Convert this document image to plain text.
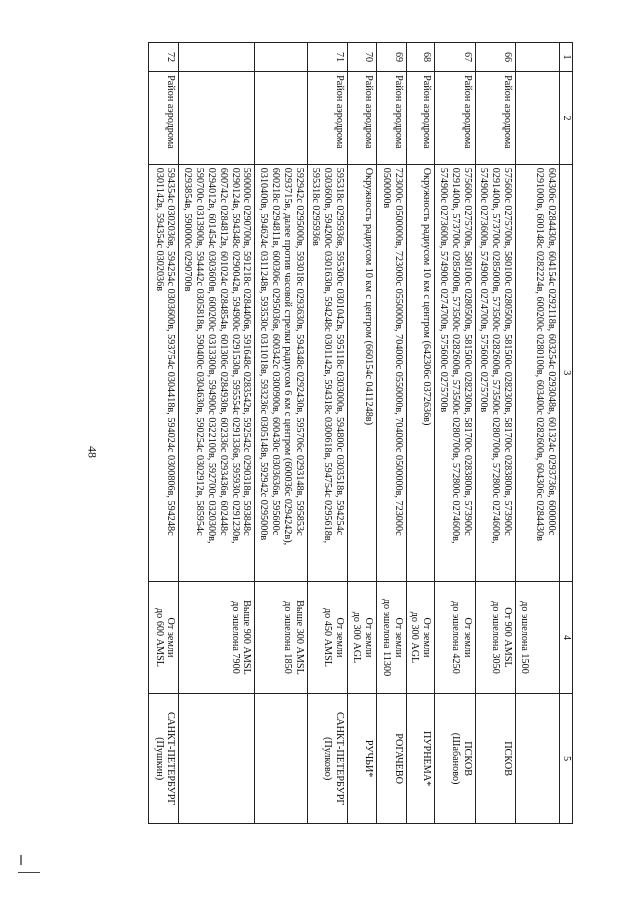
48
1	2	3	4	5
		604306с 0284430в, 604154с 0292118в, 603254с 0293048в, 601324с 0293736в, 600000с 0291000в, 600148с 0282224в, 600200с 0280100в, 603400с 0282600в, 604306с 0284430в	до эшелона 1500	

66	Район аэродрома	575600с 0275700в, 580100с 0280500в, 581500с 0282300в, 581700с 0283800в, 573900с 0291400в, 573700с 0285000в, 573500с 0282600в, 573500с 0280700в, 572800с 0274600в, 574900с 0273600в, 574900с 0274700в, 575600с 0275700в	От 900 AMSL
до эшелона 3050	ПСКОВ

67	Район аэродрома	575600с 0275700в, 580100с 0280500в, 581500с 0282300в, 581700с 0283800в, 573900с 0291400в, 573700с 0285000в, 573500с 0282600в, 573500с 0280700в, 572800с 0274600в, 574900с 0273600в, 574900с 0274700в, 575600с 0275700в	От земли
до эшелона 4250	ПСКОВ
(Шабаново)

68	Район аэродрома	Окружность радиусом 10 км с центром (642306с 0372636в)	От земли
до 300 AGL	ПУРНЕМА*

69	Район аэродрома	723000с 0500000в, 723000с 0550000в, 704000с 0550000в, 704000с 0500000в, 723000с 0500000в	От земли
до эшелона 11300	РОГАЧЕВО

70	Район аэродрома	Окружность радиусом 10 км с центром (660154с 0411248в)	От земли
до 300 AGL	РУЧЬИ*

71	Район аэродрома	595318с 0295936в, 595300с 0301042в, 595118с 0303000в, 594800с 0303518в, 594254с 0303600в, 594200с 0301630в, 594248с 0301142в, 594318с 0300618в, 594754с 0295618в, 595318с 0295936в	От земли
до 450 AMSL	САНКТ-ПЕТЕРБУРГ
(Пулково)

		592942с 0295000в, 593018с 0293630в, 594348с 0292430в, 595706с 0293148в, 595853с 0293715в, далее против часовой стрелки радиусом 6 км с центром (600036с 0294242в), 600218с 0294811в, 600306с 0295036в, 600342с 0300900в, 600430с 0303636в, 595600с 0310400в, 594624с 0311248в, 593530с 0311018в, 593236с 0305148в, 592942с 0295000в	Выше 300 AMSL
до эшелона 1850	

		590000с 0290700в, 591218с 0284406в, 591648с 0283542в, 592542с 0290318в, 593848с 0290124в, 594348с 0290042в, 594900с 0291530в, 595554с 0291336в, 595930с 0291230в, 600742с 0284812в, 601024с 0284854в, 601306с 0284930в, 602336с 0293436в, 602448с 0294012в, 601454с 0303600в, 600200с 0313300в, 594900с 0322100в, 592700с 0320300в, 590700с 0313900в, 594442с 0305818в, 590400с 0304630в, 590254с 0302912в, 585954с 0293854в, 590000с 0290700в	Выше 900 AMSL
до эшелона 7900	

72	Район аэродрома	594354с 0302036в, 594254с 0303600в, 593754с 0304418в, 594024с 0300806в, 594248с 0301142в, 594354с 0302036в	От земли
до 600 AMSL	САНКТ-ПЕТЕРБУРГ
(Пушкин)
